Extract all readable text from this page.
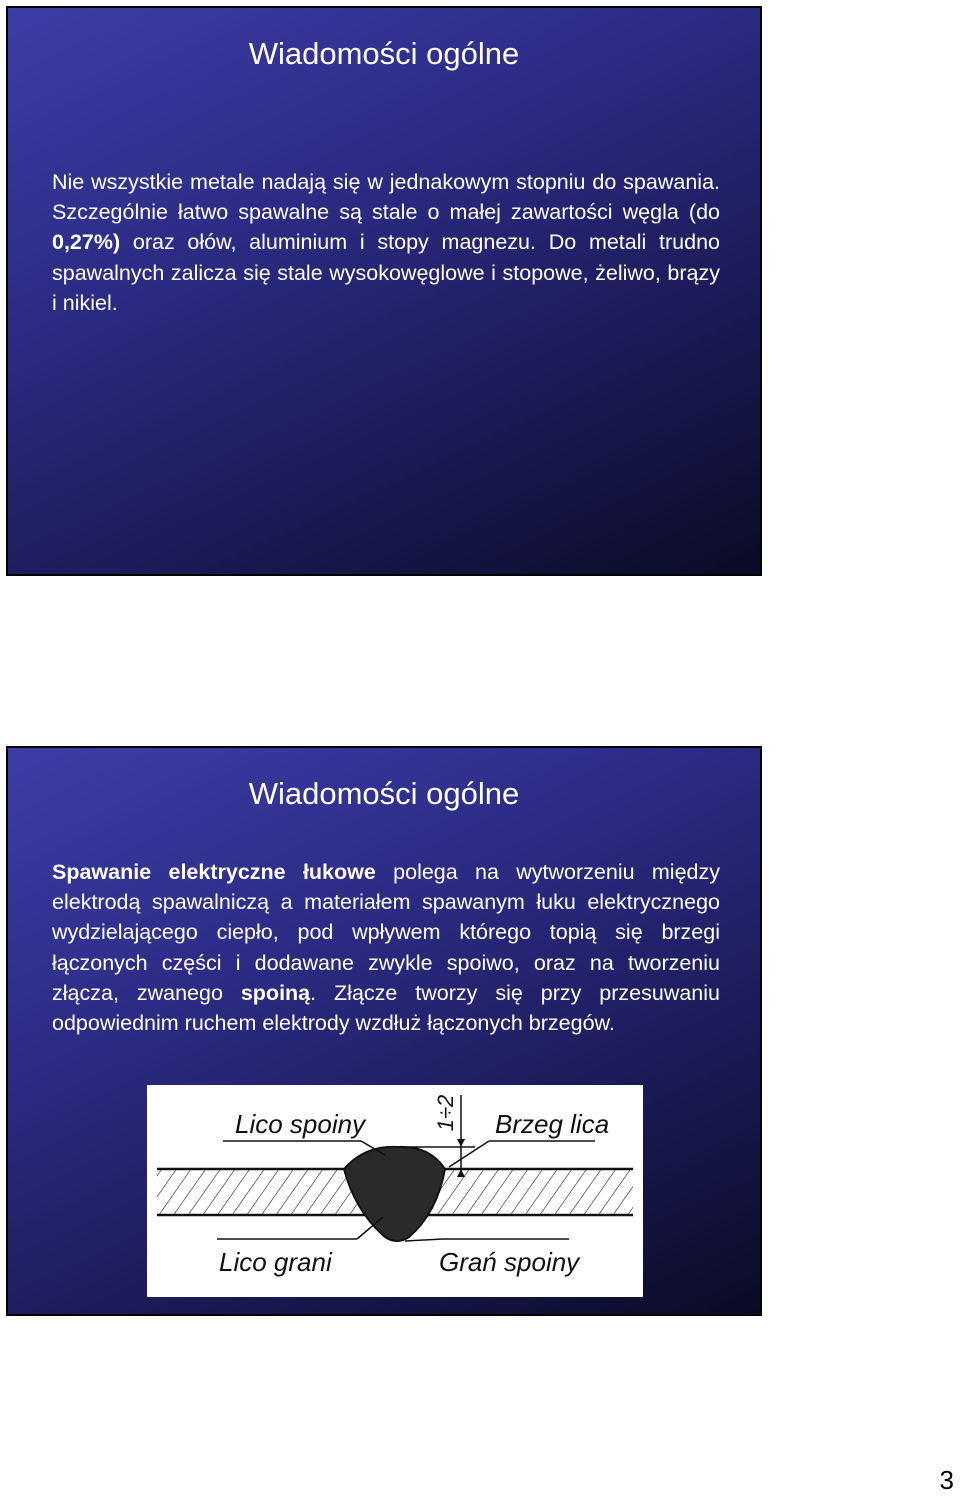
Wiadomości ogólne

Nie wszystkie metale nadają się w jednakowym stopniu do spawania. Szczególnie łatwo spawalne są stale o małej zawartości węgla (do 0,27%) oraz ołów, aluminium i stopy magnezu. Do metali trudno spawalnych zalicza się stale wysokowęglowe i stopowe, żeliwo, brązy i nikiel.

Wiadomości ogólne

Spawanie elektryczne łukowe polega na wytworzeniu między elektrodą spawalniczą a materiałem spawanym łuku elektrycznego wydzielającego ciepło, pod wpływem którego topią się brzegi łączonych części i dodawane zwykle spoiwo, oraz na tworzeniu złącza, zwanego spoiną. Złącze tworzy się przy przesuwaniu odpowiednim ruchem elektrody wzdłuż łączonych brzegów.

Lico spoiny	Brzeg lica
1÷2
Lico grani	Grań spoiny
3
